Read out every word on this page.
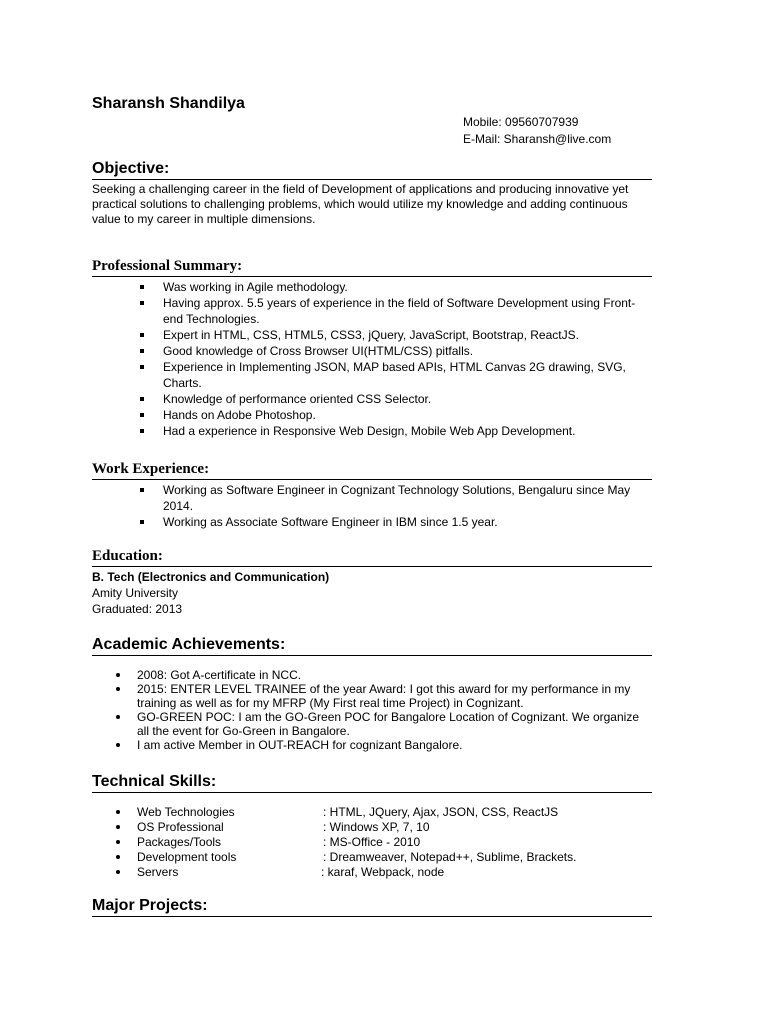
Sharansh Shandilya
Mobile: 09560707939
E-Mail: Sharansh@live.com
Objective:

Seeking a challenging career in the field of Development of applications and producing innovative yet practical solutions to challenging problems, which would utilize my knowledge and adding continuous value to my career in multiple dimensions.

Professional Summary:
Was working in Agile methodology.
Having approx. 5.5 years of experience in the field of Software Development using Front-end Technologies.
Expert in HTML, CSS, HTML5, CSS3, jQuery, JavaScript, Bootstrap, ReactJS.
Good knowledge of Cross Browser UI(HTML/CSS) pitfalls.
Experience in Implementing JSON, MAP based APIs, HTML Canvas 2G drawing, SVG, Charts.
Knowledge of performance oriented CSS Selector.
Hands on Adobe Photoshop.
Had a experience in Responsive Web Design, Mobile Web App Development.
Work Experience:
Working as Software Engineer in Cognizant Technology Solutions, Bengaluru since May 2014.
Working as Associate Software Engineer in IBM since 1.5 year.
Education:
B. Tech (Electronics and Communication)
Amity University
Graduated: 2013
Academic Achievements:
2008: Got A-certificate in NCC.
2015: ENTER LEVEL TRAINEE of the year Award: I got this award for my performance in my training as well as for my MFRP (My First real time Project) in Cognizant.
GO-GREEN POC: I am the GO-Green POC for Bangalore Location of Cognizant. We organize all the event for Go-Green in Bangalore.
I am active Member in OUT-REACH for cognizant Bangalore.
Technical Skills:
Web Technologies	: HTML, JQuery, Ajax, JSON, CSS, ReactJS
OS Professional	: Windows XP, 7, 10
Packages/Tools	: MS-Office - 2010
Development tools	: Dreamweaver, Notepad++, Sublime, Brackets.
Servers	: karaf, Webpack, node
Major Projects:
